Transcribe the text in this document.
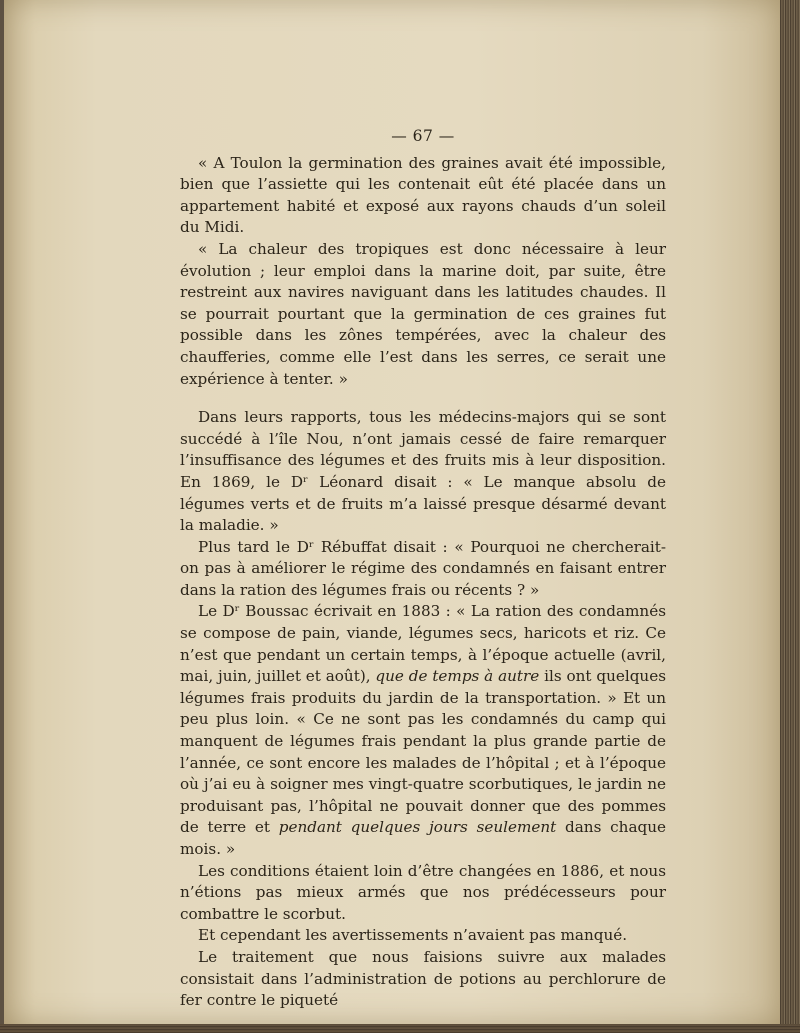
— 67 —

« A Toulon la germination des graines avait été impossible, bien que l’assiette qui les contenait eût été placée dans un appartement habité et exposé aux rayons chauds d’un soleil du Midi.

« La chaleur des tropiques est donc nécessaire à leur évolution ; leur emploi dans la marine doit, par suite, être restreint aux navires naviguant dans les latitudes chaudes. Il se pourrait pourtant que la germination de ces graines fut possible dans les zônes tempérées, avec la chaleur des chaufferies, comme elle l’est dans les serres, ce serait une expérience à tenter. »

Dans leurs rapports, tous les médecins-majors qui se sont succédé à l’île Nou, n’ont jamais cessé de faire remarquer l’insuffisance des légumes et des fruits mis à leur disposition. En 1869, le Dʳ Léonard disait : « Le manque absolu de légumes verts et de fruits m’a laissé presque désarmé devant la maladie. »

Plus tard le Dʳ Rébuffat disait : « Pourquoi ne chercherait-on pas à améliorer le régime des condamnés en faisant entrer dans la ration des légumes frais ou récents ? »

Le Dʳ Boussac écrivait en 1883 : « La ration des condamnés se compose de pain, viande, légumes secs, haricots et riz. Ce n’est que pendant un certain temps, à l’époque actuelle (avril, mai, juin, juillet et août), que de temps à autre ils ont quelques légumes frais produits du jardin de la transportation. » Et un peu plus loin. « Ce ne sont pas les condamnés du camp qui manquent de légumes frais pendant la plus grande partie de l’année, ce sont encore les malades de l’hôpital ; et à l’époque où j’ai eu à soigner mes vingt-quatre scorbutiques, le jardin ne produisant pas, l’hôpital ne pouvait donner que des pommes de terre et pendant quelques jours seulement dans chaque mois. »

Les conditions étaient loin d’être changées en 1886, et nous n’étions pas mieux armés que nos prédécesseurs pour combattre le scorbut.

Et cependant les avertissements n’avaient pas manqué.

Le traitement que nous faisions suivre aux malades consistait dans l’administration de potions au perchlorure de fer contre le piqueté
